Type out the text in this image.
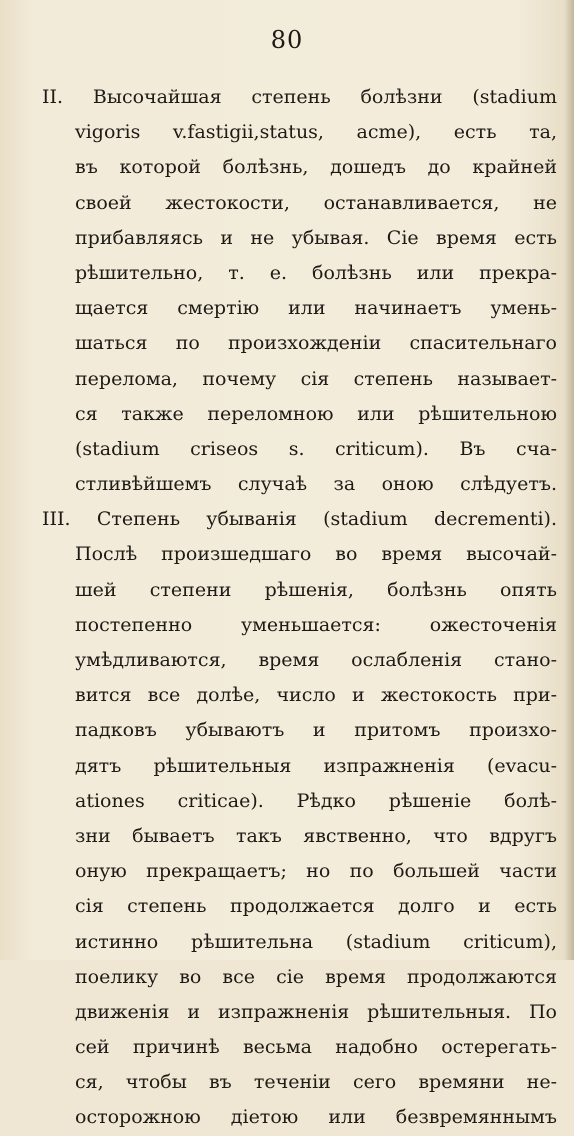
80
II. Высочайшая степень болѣзни (stadium
vigoris v.fastigii,status, acme), есть та,
въ которой болѣзнь, дошедъ до крайней
своей жестокости, останавливается, не
прибавляясь и не убывая. Сie время есть
рѣшительно, т. е. болѣзнь или прекра-
щается смертiю или начинаетъ умень-
шаться по произхожденiи спасительнаго
перелома, почему сiя степень называет-
ся также переломною или рѣшительною
(stadium criseos s. criticum). Въ сча-
стливѣйшемъ случаѣ за оною слѣдуетъ.
III. Степень убыванiя (stadium decrementi).
Послѣ произшедшаго во время высочай-
шей степени рѣшенiя, болѣзнь опять
постепенно уменьшается: ожесточенiя
умѣдливаются, время ослабленiя стано-
вится все долѣе, число и жестокость при-
падковъ убываютъ и притомъ произхо-
дятъ рѣшительныя изпражненiя (evacu-
ationes criticae). Рѣдко рѣшенiе болѣ-
зни бываетъ такъ явственно, что вдругъ
оную прекращаетъ; но по большей части
сiя степень продолжается долго и есть
истинно рѣшительна (stadium criticum),
поелику во все сie время продолжаются
движенiя и изпражненiя рѣшительныя. По
сей причинѣ весьма надобно остерегать-
ся, чтобы въ теченiи сего времяни не-
осторожною дiетою или безвремяннымъ
